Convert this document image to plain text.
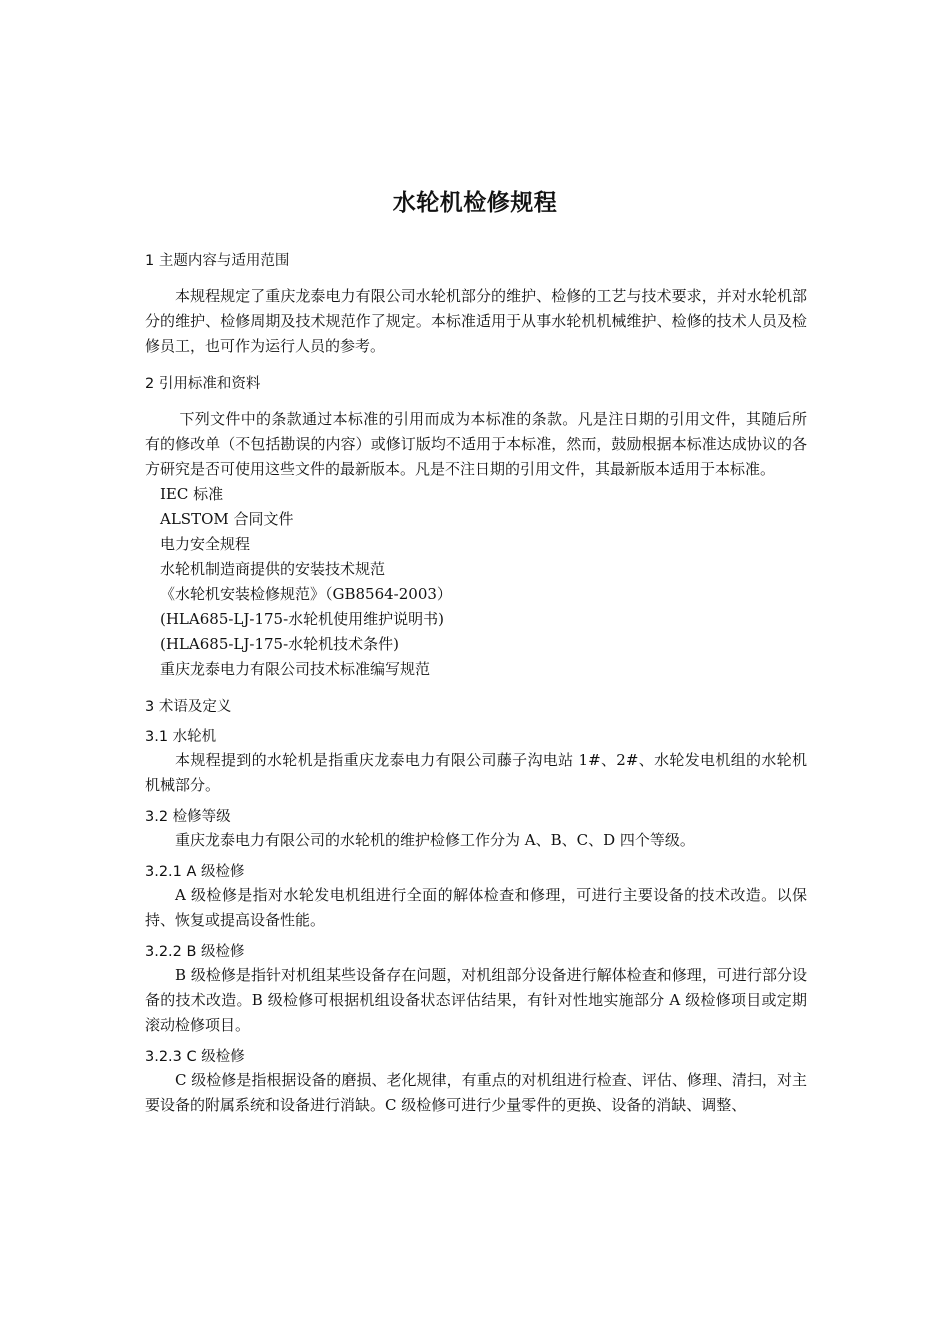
水轮机检修规程
1 主题内容与适用范围

本规程规定了重庆龙泰电力有限公司水轮机部分的维护、检修的工艺与技术要求，并对水轮机部分的维护、检修周期及技术规范作了规定。本标准适用于从事水轮机机械维护、检修的技术人员及检修员工，也可作为运行人员的参考。

2 引用标准和资料

下列文件中的条款通过本标准的引用而成为本标准的条款。凡是注日期的引用文件，其随后所有的修改单（不包括勘误的内容）或修订版均不适用于本标准，然而，鼓励根据本标准达成协议的各方研究是否可使用这些文件的最新版本。凡是不注日期的引用文件，其最新版本适用于本标准。

IEC 标准
ALSTOM 合同文件
电力安全规程
水轮机制造商提供的安装技术规范
《水轮机安装检修规范》（GB8564-2003）
(HLA685-LJ-175-水轮机使用维护说明书)
(HLA685-LJ-175-水轮机技术条件)
重庆龙泰电力有限公司技术标准编写规范
3 术语及定义
3.1 水轮机

本规程提到的水轮机是指重庆龙泰电力有限公司藤子沟电站 1#、2#、水轮发电机组的水轮机机械部分。

3.2 检修等级

重庆龙泰电力有限公司的水轮机的维护检修工作分为 A、B、C、D 四个等级。

3.2.1 A 级检修

A 级检修是指对水轮发电机组进行全面的解体检查和修理，可进行主要设备的技术改造。以保持、恢复或提高设备性能。

3.2.2 B 级检修

B 级检修是指针对机组某些设备存在问题，对机组部分设备进行解体检查和修理，可进行部分设备的技术改造。B 级检修可根据机组设备状态评估结果，有针对性地实施部分 A 级检修项目或定期滚动检修项目。

3.2.3 C 级检修

C 级检修是指根据设备的磨损、老化规律，有重点的对机组进行检查、评估、修理、清扫，对主要设备的附属系统和设备进行消缺。C 级检修可进行少量零件的更换、设备的消缺、调整、
